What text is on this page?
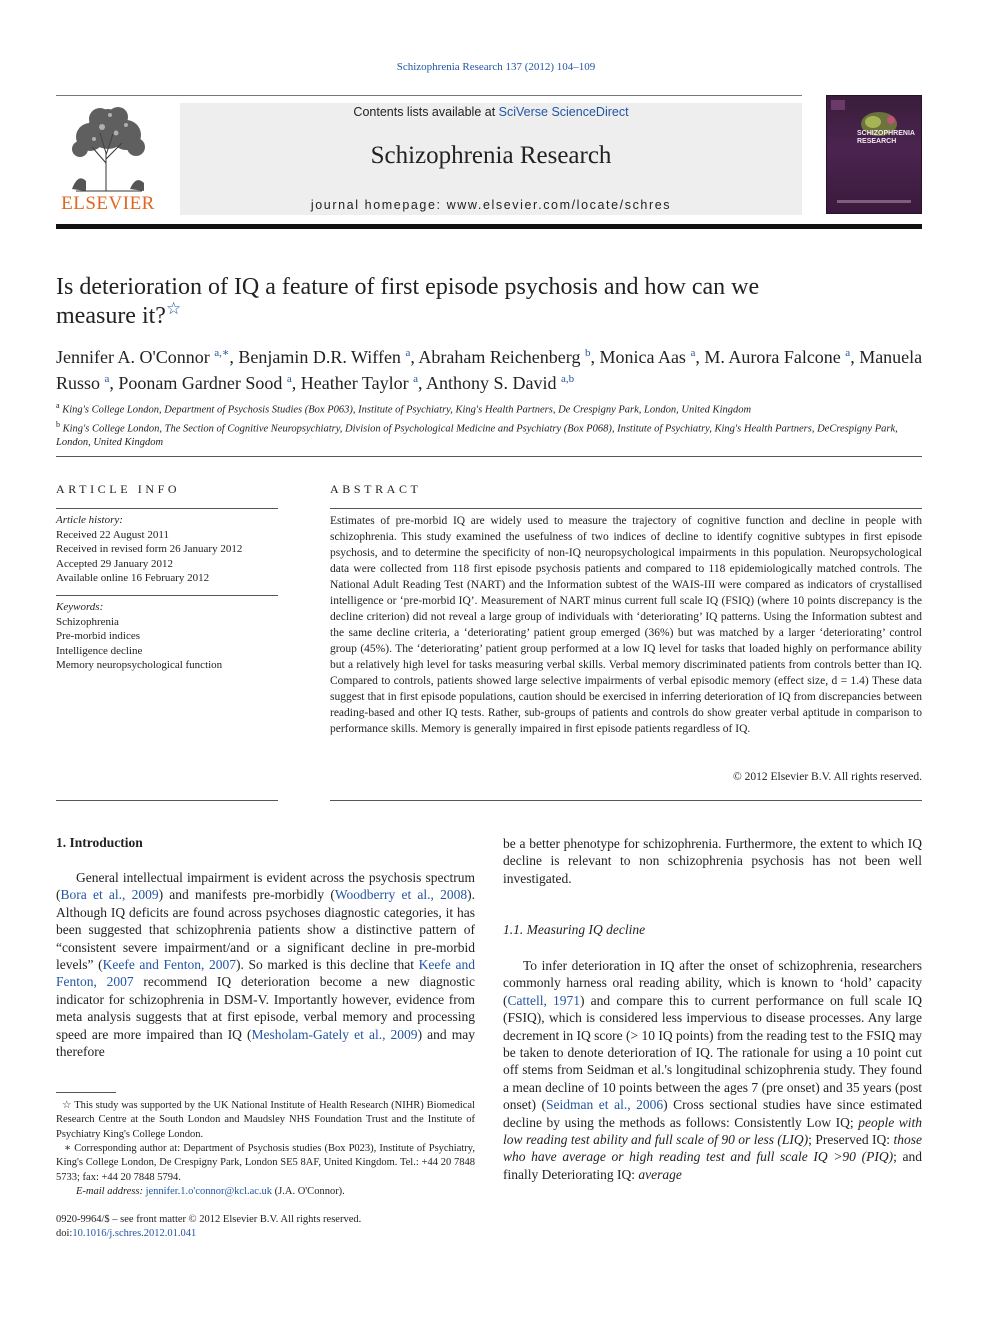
Schizophrenia Research 137 (2012) 104–109
ELSEVIER
Contents lists available at SciVerse ScienceDirect
Schizophrenia Research
journal homepage: www.elsevier.com/locate/schres
SCHIZOPHRENIA RESEARCH
Is deterioration of IQ a feature of first episode psychosis and how can we measure it?☆
Jennifer A. O'Connor $^{a,∗}$, Benjamin D.R. Wiffen $^a$, Abraham Reichenberg $^b$, Monica Aas $^a$, M. Aurora Falcone $^a$, Manuela Russo $^a$, Poonam Gardner Sood $^a$, Heather Taylor $^a$, Anthony S. David $^{a,b}$
$^a$ King's College London, Department of Psychosis Studies (Box P063), Institute of Psychiatry, King's Health Partners, De Crespigny Park, London, United Kingdom
$^b$ King's College London, The Section of Cognitive Neuropsychiatry, Division of Psychological Medicine and Psychiatry (Box P068), Institute of Psychiatry, King's Health Partners, DeCrespigny Park, London, United Kingdom
ARTICLE INFO
Article history:
Received 22 August 2011
Received in revised form 26 January 2012
Accepted 29 January 2012
Available online 16 February 2012
Keywords:
Schizophrenia
Pre-morbid indices
Intelligence decline
Memory neuropsychological function
ABSTRACT
Estimates of pre-morbid IQ are widely used to measure the trajectory of cognitive function and decline in people with schizophrenia. This study examined the usefulness of two indices of decline to identify cognitive subtypes in first episode psychosis, and to determine the specificity of non-IQ neuropsychological impairments in this population. Neuropsychological data were collected from 118 first episode psychosis patients and compared to 118 epidemiologically matched controls. The National Adult Reading Test (NART) and the Information subtest of the WAIS-III were compared as indicators of crystallised intelligence or ‘pre-morbid IQ’. Measurement of NART minus current full scale IQ (FSIQ) (where 10 points discrepancy is the decline criterion) did not reveal a large group of individuals with ‘deteriorating’ IQ patterns. Using the Information subtest and the same decline criteria, a ‘deteriorating’ patient group emerged (36%) but was matched by a larger ‘deteriorating’ control group (45%). The ‘deteriorating’ patient group performed at a low IQ level for tasks that loaded highly on performance ability but a relatively high level for tasks measuring verbal skills. Verbal memory discriminated patients from controls better than IQ. Compared to controls, patients showed large selective impairments of verbal episodic memory (effect size, d = 1.4) These data suggest that in first episode populations, caution should be exercised in inferring deterioration of IQ from discrepancies between reading-based and other IQ tests. Rather, sub-groups of patients and controls do show greater verbal aptitude in comparison to performance skills. Memory is generally impaired in first episode patients regardless of IQ.
© 2012 Elsevier B.V. All rights reserved.
1. Introduction

General intellectual impairment is evident across the psychosis spectrum (Bora et al., 2009) and manifests pre-morbidly (Woodberry et al., 2008). Although IQ deficits are found across psychoses diagnostic categories, it has been suggested that schizophrenia patients show a distinctive pattern of “consistent severe impairment/and or a significant decline in pre-morbid levels” (Keefe and Fenton, 2007). So marked is this decline that Keefe and Fenton, 2007 recommend IQ deterioration become a new diagnostic indicator for schizophrenia in DSM-V. Importantly however, evidence from meta analysis suggests that at first episode, verbal memory and processing speed are more impaired than IQ (Mesholam-Gately et al., 2009) and may therefore

☆ This study was supported by the UK National Institute of Health Research (NIHR) Biomedical Research Centre at the South London and Maudsley NHS Foundation Trust and the Institute of Psychiatry King's College London.
∗ Corresponding author at: Department of Psychosis studies (Box P023), Institute of Psychiatry, King's College London, De Crespigny Park, London SE5 8AF, United Kingdom. Tel.: +44 20 7848 5733; fax: +44 20 7848 5794.
E-mail address: jennifer.1.o'connor@kcl.ac.uk (J.A. O'Connor).
0920-9964/$ – see front matter © 2012 Elsevier B.V. All rights reserved.
doi:10.1016/j.schres.2012.01.041
be a better phenotype for schizophrenia. Furthermore, the extent to which IQ decline is relevant to non schizophrenia psychosis has not been well investigated.
1.1. Measuring IQ decline

To infer deterioration in IQ after the onset of schizophrenia, researchers commonly harness oral reading ability, which is known to ‘hold’ capacity (Cattell, 1971) and compare this to current performance on full scale IQ (FSIQ), which is considered less impervious to disease processes. Any large decrement in IQ score (> 10 IQ points) from the reading test to the FSIQ may be taken to denote deterioration of IQ. The rationale for using a 10 point cut off stems from Seidman et al.'s longitudinal schizophrenia study. They found a mean decline of 10 points between the ages 7 (pre onset) and 35 years (post onset) (Seidman et al., 2006) Cross sectional studies have since estimated decline by using the methods as follows: Consistently Low IQ; people with low reading test ability and full scale of 90 or less (LIQ); Preserved IQ: those who have average or high reading test and full scale IQ >90 (PIQ); and finally Deteriorating IQ: average
